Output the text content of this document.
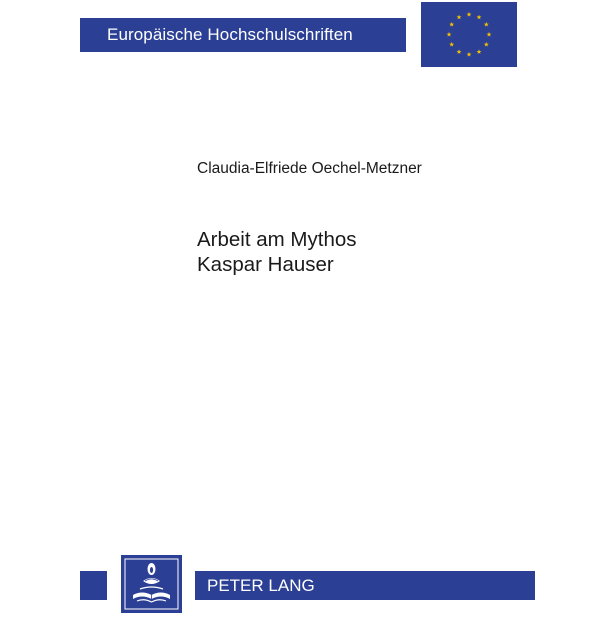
Europäische Hochschulschriften
Claudia-Elfriede Oechel-Metzner
Arbeit am Mythos
Kaspar Hauser
PETER LANG
